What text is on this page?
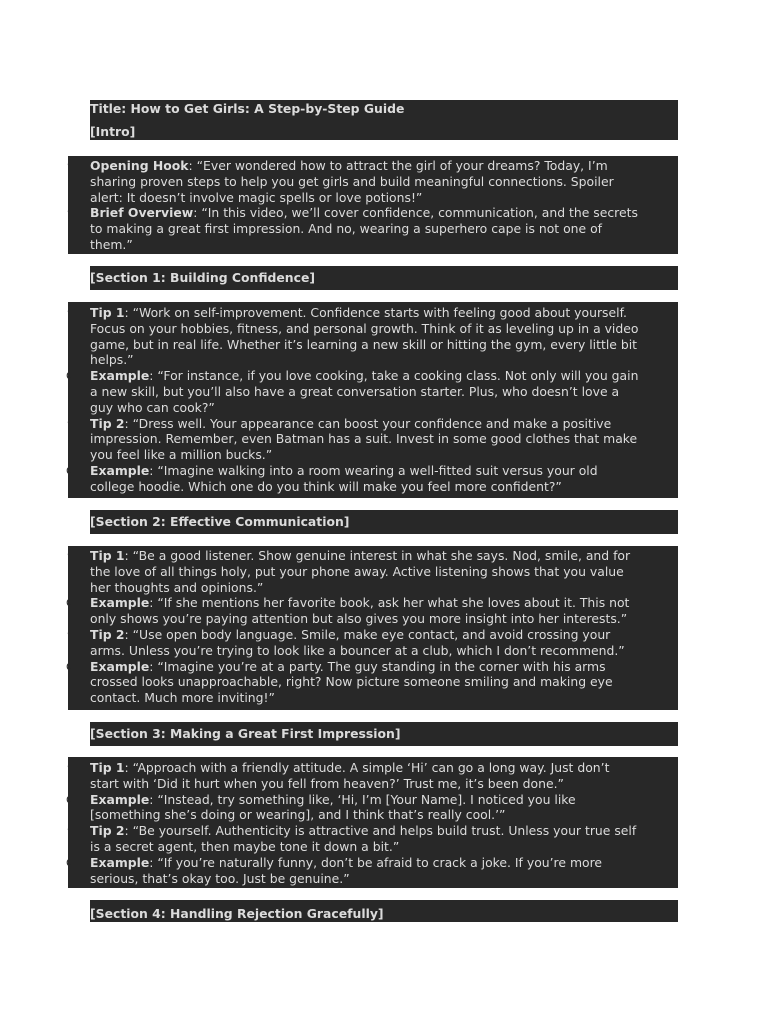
Title: How to Get Girls: A Step-by-Step Guide
[Intro]
• Opening Hook: “Ever wondered how to attract the girl of your dreams? Today, I’m
sharing proven steps to help you get girls and build meaningful connections. Spoiler
alert: It doesn’t involve magic spells or love potions!”
• Brief Overview: “In this video, we’ll cover confidence, communication, and the secrets
to making a great first impression. And no, wearing a superhero cape is not one of
them.”
[Section 1: Building Confidence]
• Tip 1: “Work on self-improvement. Confidence starts with feeling good about yourself.
Focus on your hobbies, fitness, and personal growth. Think of it as leveling up in a video
game, but in real life. Whether it’s learning a new skill or hitting the gym, every little bit
helps.”
o Example: “For instance, if you love cooking, take a cooking class. Not only will you gain
a new skill, but you’ll also have a great conversation starter. Plus, who doesn’t love a
guy who can cook?”
• Tip 2: “Dress well. Your appearance can boost your confidence and make a positive
impression. Remember, even Batman has a suit. Invest in some good clothes that make
you feel like a million bucks.”
o Example: “Imagine walking into a room wearing a well-fitted suit versus your old
college hoodie. Which one do you think will make you feel more confident?”
[Section 2: Effective Communication]
• Tip 1: “Be a good listener. Show genuine interest in what she says. Nod, smile, and for
the love of all things holy, put your phone away. Active listening shows that you value
her thoughts and opinions.”
o Example: “If she mentions her favorite book, ask her what she loves about it. This not
only shows you’re paying attention but also gives you more insight into her interests.”
• Tip 2: “Use open body language. Smile, make eye contact, and avoid crossing your
arms. Unless you’re trying to look like a bouncer at a club, which I don’t recommend.”
o Example: “Imagine you’re at a party. The guy standing in the corner with his arms
crossed looks unapproachable, right? Now picture someone smiling and making eye
contact. Much more inviting!”
[Section 3: Making a Great First Impression]
• Tip 1: “Approach with a friendly attitude. A simple ‘Hi’ can go a long way. Just don’t
start with ‘Did it hurt when you fell from heaven?’ Trust me, it’s been done.”
o Example: “Instead, try something like, ‘Hi, I’m [Your Name]. I noticed you like
[something she’s doing or wearing], and I think that’s really cool.’”
• Tip 2: “Be yourself. Authenticity is attractive and helps build trust. Unless your true self
is a secret agent, then maybe tone it down a bit.”
o Example: “If you’re naturally funny, don’t be afraid to crack a joke. If you’re more
serious, that’s okay too. Just be genuine.”
[Section 4: Handling Rejection Gracefully]
